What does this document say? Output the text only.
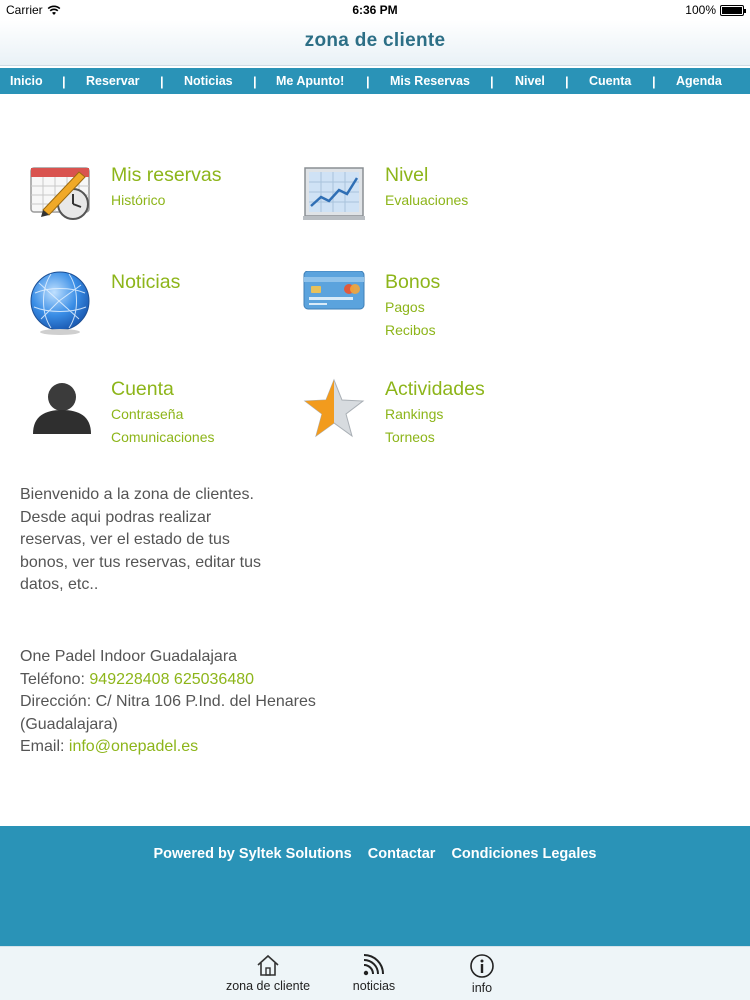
Carrier	6:36 PM	100%
zona de cliente
Inicio | Reservar | Noticias | Me Apunto! | Mis Reservas | Nivel | Cuenta | Agenda
Mis reservas
Histórico
Nivel
Evaluaciones
Noticias	Bonos
Pagos
Recibos
Cuenta
Contraseña
Comunicaciones
Actividades
Rankings
Torneos
Bienvenido a la zona de clientes. Desde aqui podras realizar reservas, ver el estado de tus bonos, ver tus reservas, editar tus datos, etc..
One Padel Indoor Guadalajara
Teléfono: 949228408 625036480
Dirección: C/ Nitra 106 P.Ind. del Henares (Guadalajara)
Email: info@onepadel.es
Powered by Syltek Solutions Contactar Condiciones Legales
zona de cliente	noticias	info
